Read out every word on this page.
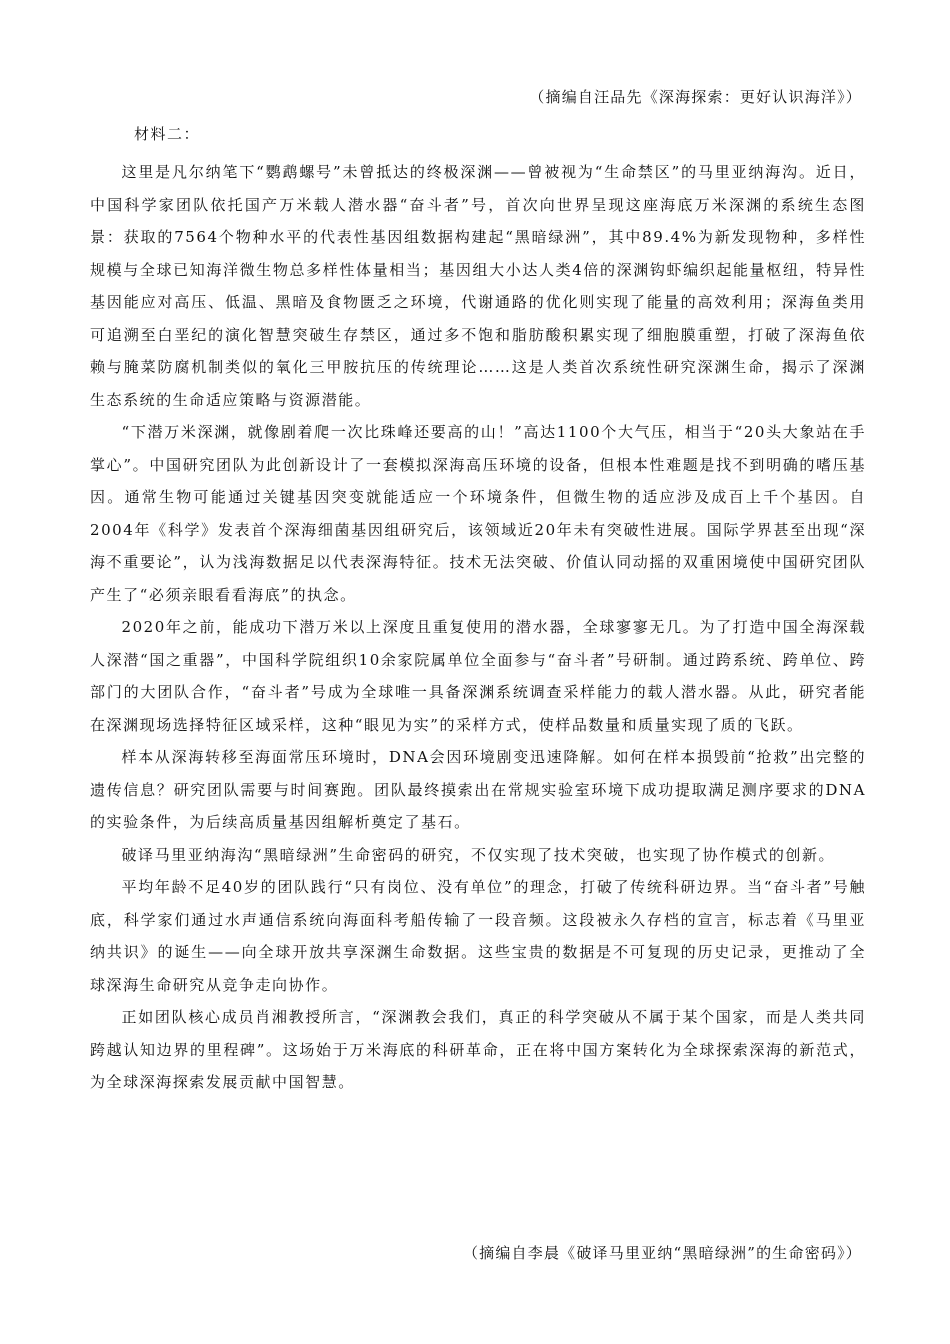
（摘编自汪品先《深海探索：更好认识海洋》）
材料二：

这里是凡尔纳笔下“鹦鹉螺号”未曾抵达的终极深渊——曾被视为“生命禁区”的马里亚纳海沟。近日，中国科学家团队依托国产万米载人潜水器“奋斗者”号，首次向世界呈现这座海底万米深渊的系统生态图景：获取的7564个物种水平的代表性基因组数据构建起“黑暗绿洲”，其中89.4%为新发现物种，多样性规模与全球已知海洋微生物总多样性体量相当；基因组大小达人类4倍的深渊钩虾编织起能量枢纽，特异性基因能应对高压、低温、黑暗及食物匮乏之环境，代谢通路的优化则实现了能量的高效利用；深海鱼类用可追溯至白垩纪的演化智慧突破生存禁区，通过多不饱和脂肪酸积累实现了细胞膜重塑，打破了深海鱼依赖与腌菜防腐机制类似的氧化三甲胺抗压的传统理论……这是人类首次系统性研究深渊生命，揭示了深渊生态系统的生命适应策略与资源潜能。

“下潜万米深渊，就像剧着爬一次比珠峰还要高的山！”高达1100个大气压，相当于“20头大象站在手掌心”。中国研究团队为此创新设计了一套模拟深海高压环境的设备，但根本性难题是找不到明确的嗜压基因。通常生物可能通过关键基因突变就能适应一个环境条件，但微生物的适应涉及成百上千个基因。自2004年《科学》发表首个深海细菌基因组研究后，该领域近20年未有突破性进展。国际学界甚至出现“深海不重要论”，认为浅海数据足以代表深海特征。技术无法突破、价值认同动摇的双重困境使中国研究团队产生了“必须亲眼看看海底”的执念。

2020年之前，能成功下潜万米以上深度且重复使用的潜水器，全球寥寥无几。为了打造中国全海深载人深潜“国之重器”，中国科学院组织10余家院属单位全面参与“奋斗者”号研制。通过跨系统、跨单位、跨部门的大团队合作，“奋斗者”号成为全球唯一具备深渊系统调查采样能力的载人潜水器。从此，研究者能在深渊现场选择特征区域采样，这种“眼见为实”的采样方式，使样品数量和质量实现了质的飞跃。

样本从深海转移至海面常压环境时，DNA会因环境剧变迅速降解。如何在样本损毁前“抢救”出完整的遗传信息？研究团队需要与时间赛跑。团队最终摸索出在常规实验室环境下成功提取满足测序要求的DNA的实验条件，为后续高质量基因组解析奠定了基石。

破译马里亚纳海沟“黑暗绿洲”生命密码的研究，不仅实现了技术突破，也实现了协作模式的创新。

平均年龄不足40岁的团队践行“只有岗位、没有单位”的理念，打破了传统科研边界。当“奋斗者”号触底，科学家们通过水声通信系统向海面科考船传输了一段音频。这段被永久存档的宣言，标志着《马里亚纳共识》的诞生——向全球开放共享深渊生命数据。这些宝贵的数据是不可复现的历史记录，更推动了全球深海生命研究从竞争走向协作。

正如团队核心成员肖湘教授所言，“深渊教会我们，真正的科学突破从不属于某个国家，而是人类共同跨越认知边界的里程碑”。这场始于万米海底的科研革命，正在将中国方案转化为全球探索深海的新范式，为全球深海探索发展贡献中国智慧。

（摘编自李晨《破译马里亚纳“黑暗绿洲”的生命密码》）
